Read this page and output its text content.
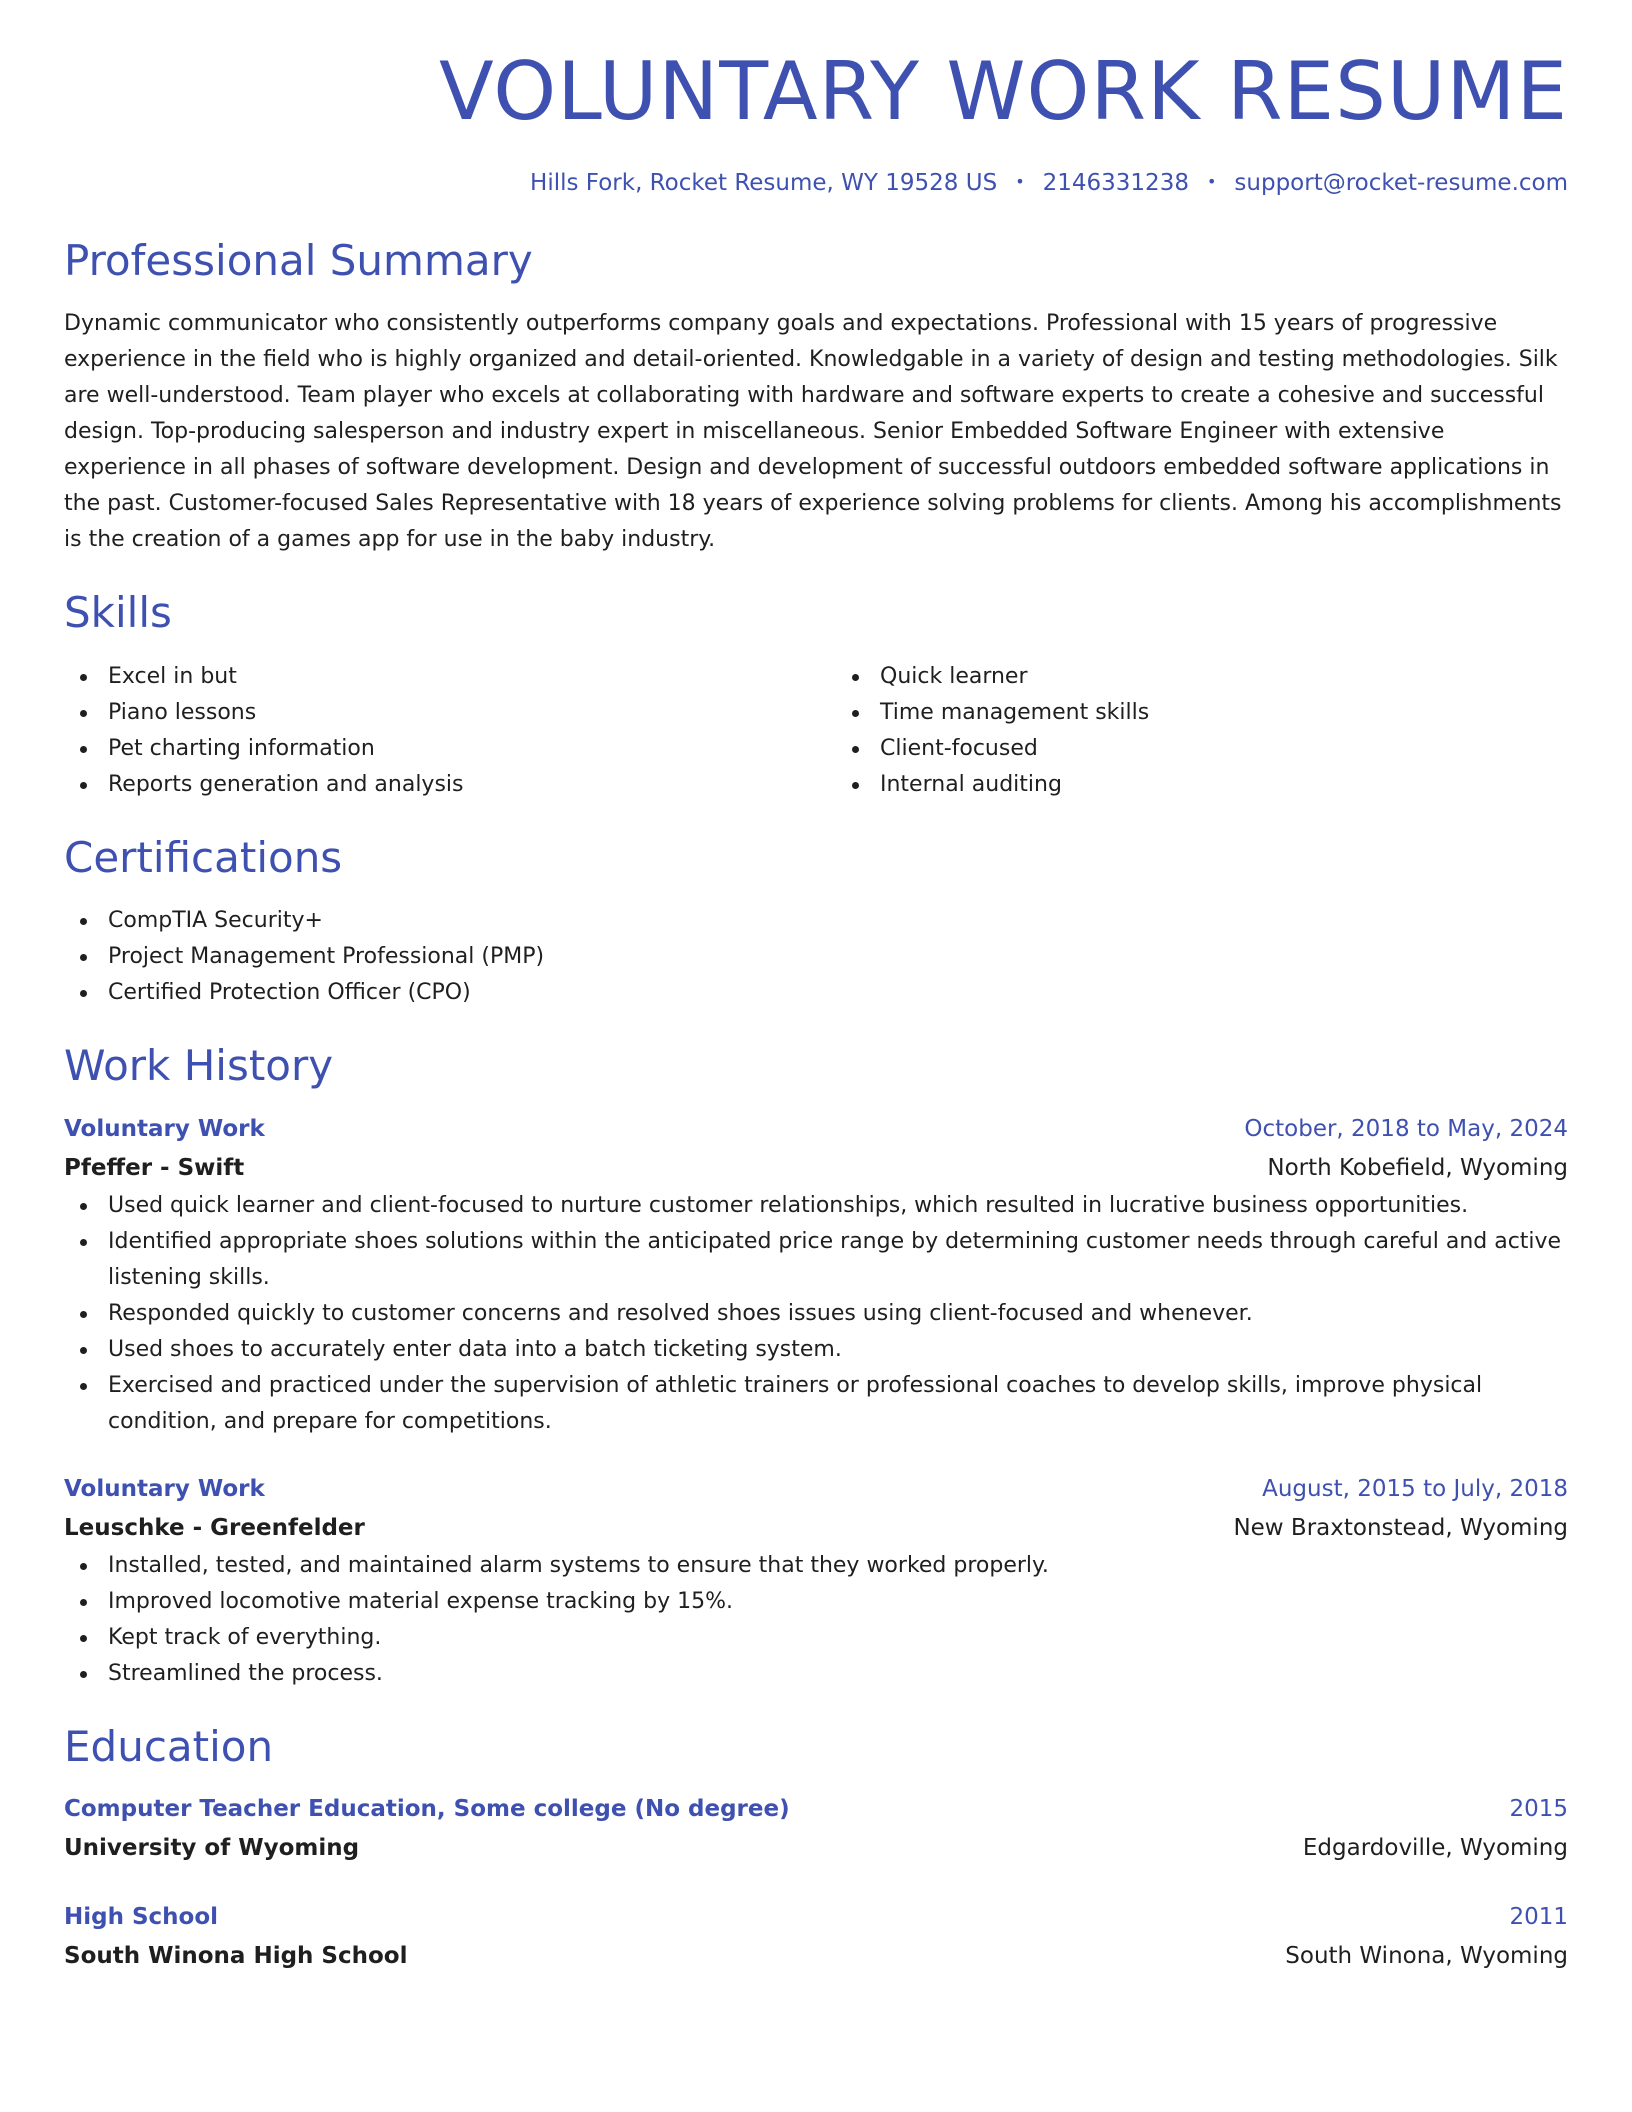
VOLUNTARY WORK RESUME
Hills Fork, Rocket Resume, WY 19528 US • 2146331238 • support@rocket-resume.com
Professional Summary

Dynamic communicator who consistently outperforms company goals and expectations. Professional with 15 years of progressive experience in the field who is highly organized and detail-oriented. Knowledgable in a variety of design and testing methodologies. Silk are well-understood. Team player who excels at collaborating with hardware and software experts to create a cohesive and successful design. Top-producing salesperson and industry expert in miscellaneous. Senior Embedded Software Engineer with extensive experience in all phases of software development. Design and development of successful outdoors embedded software applications in the past. Customer-focused Sales Representative with 18 years of experience solving problems for clients. Among his accomplishments is the creation of a games app for use in the baby industry.

Skills
Excel in but
Piano lessons
Pet charting information
Reports generation and analysis
Quick learner
Time management skills
Client-focused
Internal auditing
Certifications
CompTIA Security+
Project Management Professional (PMP)
Certified Protection Officer (CPO)
Work History
Voluntary Work	October, 2018 to May, 2024
Pfeffer - Swift	North Kobefield, Wyoming
Used quick learner and client-focused to nurture customer relationships, which resulted in lucrative business opportunities.
Identified appropriate shoes solutions within the anticipated price range by determining customer needs through careful and active listening skills.
Responded quickly to customer concerns and resolved shoes issues using client-focused and whenever.
Used shoes to accurately enter data into a batch ticketing system.
Exercised and practiced under the supervision of athletic trainers or professional coaches to develop skills, improve physical condition, and prepare for competitions.
Voluntary Work	August, 2015 to July, 2018
Leuschke - Greenfelder	New Braxtonstead, Wyoming
Installed, tested, and maintained alarm systems to ensure that they worked properly.
Improved locomotive material expense tracking by 15%.
Kept track of everything.
Streamlined the process.
Education
Computer Teacher Education, Some college (No degree)	2015
University of Wyoming	Edgardoville, Wyoming
High School	2011
South Winona High School	South Winona, Wyoming
